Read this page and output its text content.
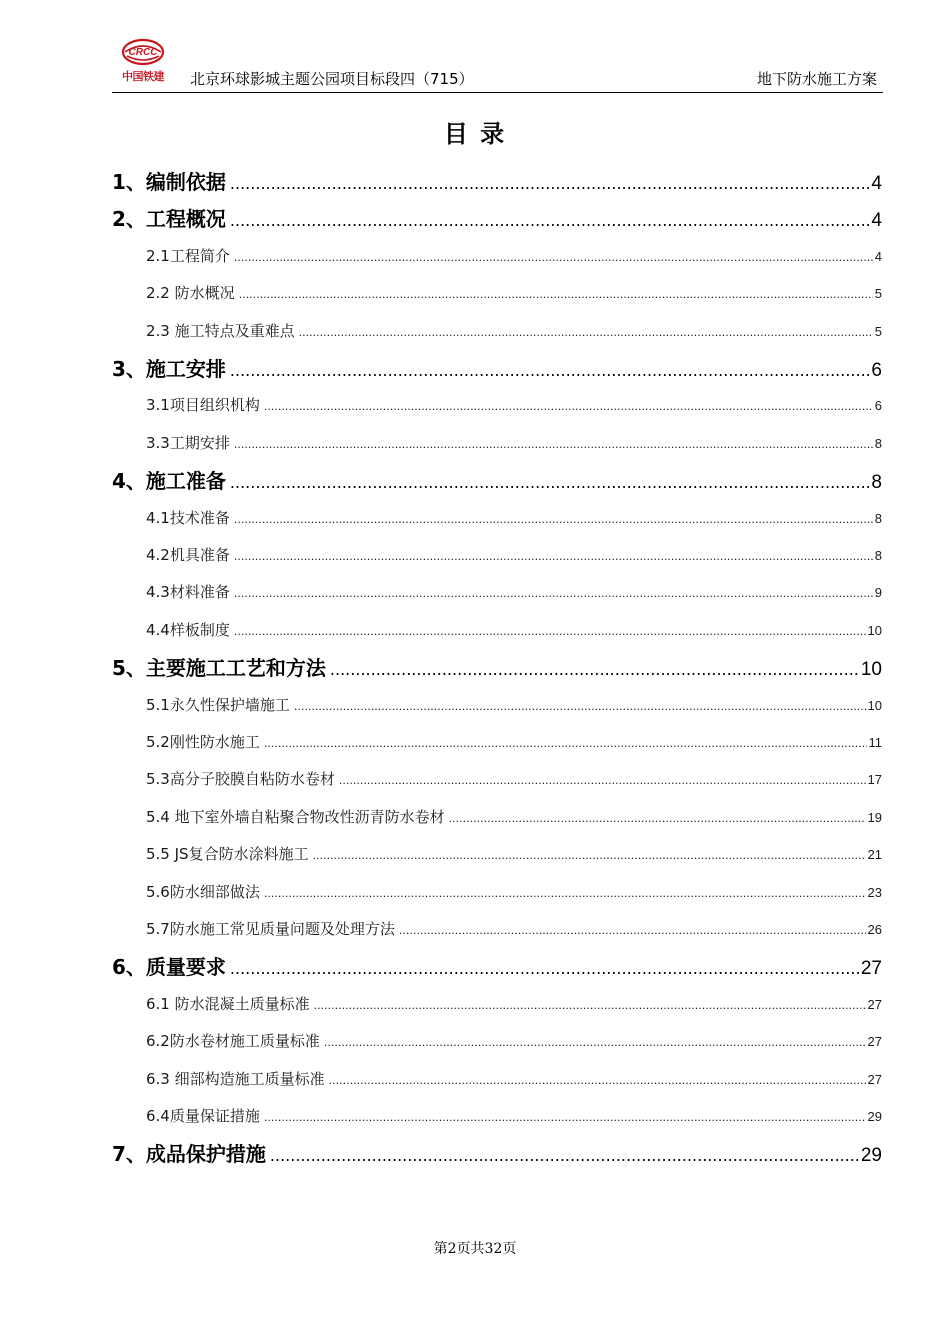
CRCC
中国铁建	北京环球影城主题公园项目标段四（715）	地下防水施工方案
目 录
1、编制依据 .....	4
2、工程概况 .....	4
2.1工程简介 .....	4
2.2 防水概况 .....	5
2.3 施工特点及重难点 .....	5
3、施工安排 .....	6
3.1项目组织机构 .....	6
3.3工期安排 .....	8
4、施工准备 .....	8
4.1技术准备 .....	8
4.2机具准备 .....	8
4.3材料准备 .....	9
4.4样板制度 .....	10
5、主要施工工艺和方法 .....	10
5.1永久性保护墙施工 .....	10
5.2刚性防水施工 .....	11
5.3高分子胶膜自粘防水卷材 .....	17
5.4 地下室外墙自粘聚合物改性沥青防水卷材 .....	19
5.5 JS复合防水涂料施工 .....	21
5.6防水细部做法 .....	23
5.7防水施工常见质量问题及处理方法 .....	26
6、质量要求 .....	27
6.1 防水混凝土质量标准 .....	27
6.2防水卷材施工质量标准 .....	27
6.3 细部构造施工质量标准 .....	27
6.4质量保证措施 .....	29
7、成品保护措施 .....	29
第2页共32页
